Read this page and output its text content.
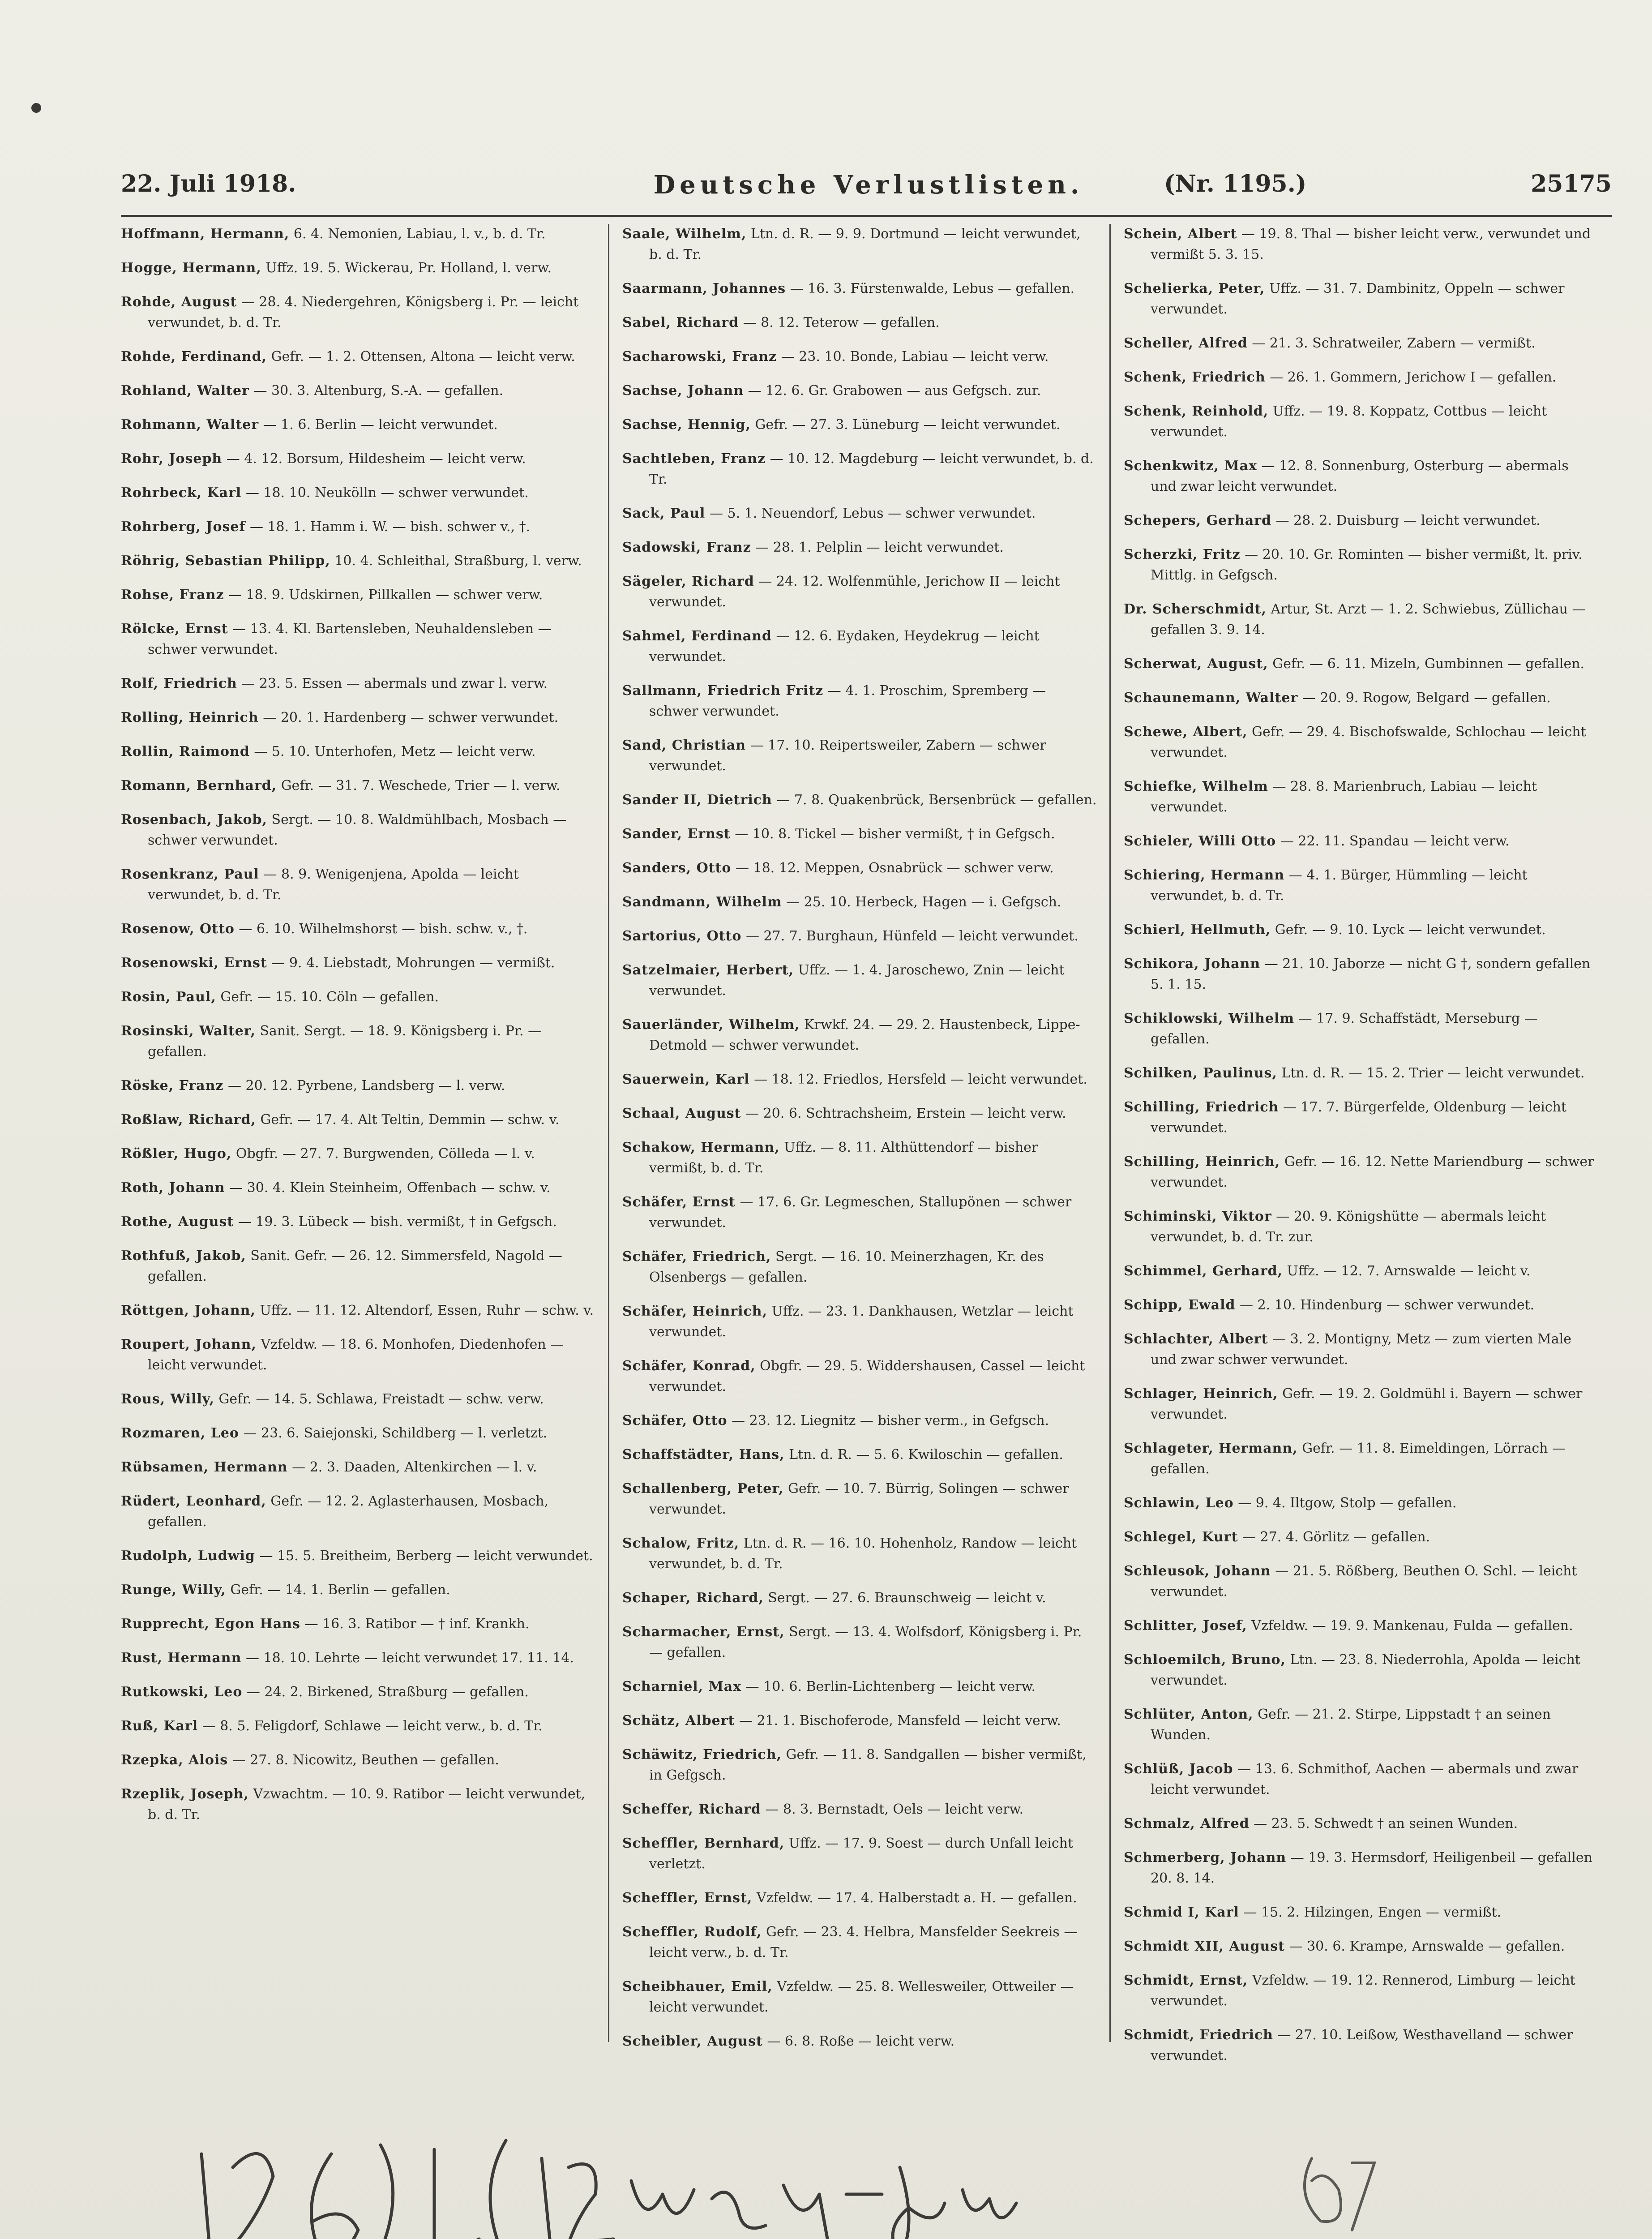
22. Juli 1918.	Deutsche Verlustlisten.	(Nr. 1195.)	25175

Hoffmann, Hermann, 6. 4. Nemonien, Labiau, l. v., b. d. Tr.

Hogge, Hermann, Uffz. 19. 5. Wickerau, Pr. Holland, l. verw.

Rohde, August — 28. 4. Niedergehren, Königsberg i. Pr. — leicht verwundet, b. d. Tr.

Rohde, Ferdinand, Gefr. — 1. 2. Ottensen, Altona — leicht verw.

Rohland, Walter — 30. 3. Altenburg, S.-A. — gefallen.

Rohmann, Walter — 1. 6. Berlin — leicht verwundet.

Rohr, Joseph — 4. 12. Borsum, Hildesheim — leicht verw.

Rohrbeck, Karl — 18. 10. Neukölln — schwer verwundet.

Rohrberg, Josef — 18. 1. Hamm i. W. — bish. schwer v., †.

Röhrig, Sebastian Philipp, 10. 4. Schleithal, Straßburg, l. verw.

Rohse, Franz — 18. 9. Udskirnen, Pillkallen — schwer verw.

Rölcke, Ernst — 13. 4. Kl. Bartensleben, Neuhaldensleben — schwer verwundet.

Rolf, Friedrich — 23. 5. Essen — abermals und zwar l. verw.

Rolling, Heinrich — 20. 1. Hardenberg — schwer verwundet.

Rollin, Raimond — 5. 10. Unterhofen, Metz — leicht verw.

Romann, Bernhard, Gefr. — 31. 7. Weschede, Trier — l. verw.

Rosenbach, Jakob, Sergt. — 10. 8. Waldmühlbach, Mosbach — schwer verwundet.

Rosenkranz, Paul — 8. 9. Wenigenjena, Apolda — leicht verwundet, b. d. Tr.

Rosenow, Otto — 6. 10. Wilhelmshorst — bish. schw. v., †.

Rosenowski, Ernst — 9. 4. Liebstadt, Mohrungen — vermißt.

Rosin, Paul, Gefr. — 15. 10. Cöln — gefallen.

Rosinski, Walter, Sanit. Sergt. — 18. 9. Königsberg i. Pr. — gefallen.

Röske, Franz — 20. 12. Pyrbene, Landsberg — l. verw.

Roßlaw, Richard, Gefr. — 17. 4. Alt Teltin, Demmin — schw. v.

Rößler, Hugo, Obgfr. — 27. 7. Burgwenden, Cölleda — l. v.

Roth, Johann — 30. 4. Klein Steinheim, Offenbach — schw. v.

Rothe, August — 19. 3. Lübeck — bish. vermißt, † in Gefgsch.

Rothfuß, Jakob, Sanit. Gefr. — 26. 12. Simmersfeld, Nagold — gefallen.

Röttgen, Johann, Uffz. — 11. 12. Altendorf, Essen, Ruhr — schw. v.

Roupert, Johann, Vzfeldw. — 18. 6. Monhofen, Diedenhofen — leicht verwundet.

Rous, Willy, Gefr. — 14. 5. Schlawa, Freistadt — schw. verw.

Rozmaren, Leo — 23. 6. Saiejonski, Schildberg — l. verletzt.

Rübsamen, Hermann — 2. 3. Daaden, Altenkirchen — l. v.

Rüdert, Leonhard, Gefr. — 12. 2. Aglasterhausen, Mosbach, gefallen.

Rudolph, Ludwig — 15. 5. Breitheim, Berberg — leicht verwundet.

Runge, Willy, Gefr. — 14. 1. Berlin — gefallen.

Rupprecht, Egon Hans — 16. 3. Ratibor — † inf. Krankh.

Rust, Hermann — 18. 10. Lehrte — leicht verwundet 17. 11. 14.

Rutkowski, Leo — 24. 2. Birkened, Straßburg — gefallen.

Ruß, Karl — 8. 5. Feligdorf, Schlawe — leicht verw., b. d. Tr.

Rzepka, Alois — 27. 8. Nicowitz, Beuthen — gefallen.

Rzeplik, Joseph, Vzwachtm. — 10. 9. Ratibor — leicht verwundet, b. d. Tr.

Saale, Wilhelm, Ltn. d. R. — 9. 9. Dortmund — leicht verwundet, b. d. Tr.

Saarmann, Johannes — 16. 3. Fürstenwalde, Lebus — gefallen.

Sabel, Richard — 8. 12. Teterow — gefallen.

Sacharowski, Franz — 23. 10. Bonde, Labiau — leicht verw.

Sachse, Johann — 12. 6. Gr. Grabowen — aus Gefgsch. zur.

Sachse, Hennig, Gefr. — 27. 3. Lüneburg — leicht verwundet.

Sachtleben, Franz — 10. 12. Magdeburg — leicht verwundet, b. d. Tr.

Sack, Paul — 5. 1. Neuendorf, Lebus — schwer verwundet.

Sadowski, Franz — 28. 1. Pelplin — leicht verwundet.

Sägeler, Richard — 24. 12. Wolfenmühle, Jerichow II — leicht verwundet.

Sahmel, Ferdinand — 12. 6. Eydaken, Heydekrug — leicht verwundet.

Sallmann, Friedrich Fritz — 4. 1. Proschim, Spremberg — schwer verwundet.

Sand, Christian — 17. 10. Reipertsweiler, Zabern — schwer verwundet.

Sander II, Dietrich — 7. 8. Quakenbrück, Bersenbrück — gefallen.

Sander, Ernst — 10. 8. Tickel — bisher vermißt, † in Gefgsch.

Sanders, Otto — 18. 12. Meppen, Osnabrück — schwer verw.

Sandmann, Wilhelm — 25. 10. Herbeck, Hagen — i. Gefgsch.

Sartorius, Otto — 27. 7. Burghaun, Hünfeld — leicht verwundet.

Satzelmaier, Herbert, Uffz. — 1. 4. Jaroschewo, Znin — leicht verwundet.

Sauerländer, Wilhelm, Krwkf. 24. — 29. 2. Haustenbeck, Lippe-Detmold — schwer verwundet.

Sauerwein, Karl — 18. 12. Friedlos, Hersfeld — leicht verwundet.

Schaal, August — 20. 6. Schtrachsheim, Erstein — leicht verw.

Schakow, Hermann, Uffz. — 8. 11. Althüttendorf — bisher vermißt, b. d. Tr.

Schäfer, Ernst — 17. 6. Gr. Legmeschen, Stallupönen — schwer verwundet.

Schäfer, Friedrich, Sergt. — 16. 10. Meinerzhagen, Kr. des Olsenbergs — gefallen.

Schäfer, Heinrich, Uffz. — 23. 1. Dankhausen, Wetzlar — leicht verwundet.

Schäfer, Konrad, Obgfr. — 29. 5. Widdershausen, Cassel — leicht verwundet.

Schäfer, Otto — 23. 12. Liegnitz — bisher verm., in Gefgsch.

Schaffstädter, Hans, Ltn. d. R. — 5. 6. Kwiloschin — gefallen.

Schallenberg, Peter, Gefr. — 10. 7. Bürrig, Solingen — schwer verwundet.

Schalow, Fritz, Ltn. d. R. — 16. 10. Hohenholz, Randow — leicht verwundet, b. d. Tr.

Schaper, Richard, Sergt. — 27. 6. Braunschweig — leicht v.

Scharmacher, Ernst, Sergt. — 13. 4. Wolfsdorf, Königsberg i. Pr. — gefallen.

Scharniel, Max — 10. 6. Berlin-Lichtenberg — leicht verw.

Schätz, Albert — 21. 1. Bischoferode, Mansfeld — leicht verw.

Schäwitz, Friedrich, Gefr. — 11. 8. Sandgallen — bisher vermißt, in Gefgsch.

Scheffer, Richard — 8. 3. Bernstadt, Oels — leicht verw.

Scheffler, Bernhard, Uffz. — 17. 9. Soest — durch Unfall leicht verletzt.

Scheffler, Ernst, Vzfeldw. — 17. 4. Halberstadt a. H. — gefallen.

Scheffler, Rudolf, Gefr. — 23. 4. Helbra, Mansfelder Seekreis — leicht verw., b. d. Tr.

Scheibhauer, Emil, Vzfeldw. — 25. 8. Wellesweiler, Ottweiler — leicht verwundet.

Scheibler, August — 6. 8. Roße — leicht verw.

Schein, Albert — 19. 8. Thal — bisher leicht verw., verwundet und vermißt 5. 3. 15.

Schelierka, Peter, Uffz. — 31. 7. Dambinitz, Oppeln — schwer verwundet.

Scheller, Alfred — 21. 3. Schratweiler, Zabern — vermißt.

Schenk, Friedrich — 26. 1. Gommern, Jerichow I — gefallen.

Schenk, Reinhold, Uffz. — 19. 8. Koppatz, Cottbus — leicht verwundet.

Schenkwitz, Max — 12. 8. Sonnenburg, Osterburg — abermals und zwar leicht verwundet.

Schepers, Gerhard — 28. 2. Duisburg — leicht verwundet.

Scherzki, Fritz — 20. 10. Gr. Rominten — bisher vermißt, lt. priv. Mittlg. in Gefgsch.

Dr. Scherschmidt, Artur, St. Arzt — 1. 2. Schwiebus, Züllichau — gefallen 3. 9. 14.

Scherwat, August, Gefr. — 6. 11. Mizeln, Gumbinnen — gefallen.

Schaunemann, Walter — 20. 9. Rogow, Belgard — gefallen.

Schewe, Albert, Gefr. — 29. 4. Bischofswalde, Schlochau — leicht verwundet.

Schiefke, Wilhelm — 28. 8. Marienbruch, Labiau — leicht verwundet.

Schieler, Willi Otto — 22. 11. Spandau — leicht verw.

Schiering, Hermann — 4. 1. Bürger, Hümmling — leicht verwundet, b. d. Tr.

Schierl, Hellmuth, Gefr. — 9. 10. Lyck — leicht verwundet.

Schikora, Johann — 21. 10. Jaborze — nicht G †, sondern gefallen 5. 1. 15.

Schiklowski, Wilhelm — 17. 9. Schaffstädt, Merseburg — gefallen.

Schilken, Paulinus, Ltn. d. R. — 15. 2. Trier — leicht verwundet.

Schilling, Friedrich — 17. 7. Bürgerfelde, Oldenburg — leicht verwundet.

Schilling, Heinrich, Gefr. — 16. 12. Nette Mariendburg — schwer verwundet.

Schiminski, Viktor — 20. 9. Königshütte — abermals leicht verwundet, b. d. Tr. zur.

Schimmel, Gerhard, Uffz. — 12. 7. Arnswalde — leicht v.

Schipp, Ewald — 2. 10. Hindenburg — schwer verwundet.

Schlachter, Albert — 3. 2. Montigny, Metz — zum vierten Male und zwar schwer verwundet.

Schlager, Heinrich, Gefr. — 19. 2. Goldmühl i. Bayern — schwer verwundet.

Schlageter, Hermann, Gefr. — 11. 8. Eimeldingen, Lörrach — gefallen.

Schlawin, Leo — 9. 4. Iltgow, Stolp — gefallen.

Schlegel, Kurt — 27. 4. Görlitz — gefallen.

Schleusok, Johann — 21. 5. Rößberg, Beuthen O. Schl. — leicht verwundet.

Schlitter, Josef, Vzfeldw. — 19. 9. Mankenau, Fulda — gefallen.

Schloemilch, Bruno, Ltn. — 23. 8. Niederrohla, Apolda — leicht verwundet.

Schlüter, Anton, Gefr. — 21. 2. Stirpe, Lippstadt † an seinen Wunden.

Schlüß, Jacob — 13. 6. Schmithof, Aachen — abermals und zwar leicht verwundet.

Schmalz, Alfred — 23. 5. Schwedt † an seinen Wunden.

Schmerberg, Johann — 19. 3. Hermsdorf, Heiligenbeil — gefallen 20. 8. 14.

Schmid I, Karl — 15. 2. Hilzingen, Engen — vermißt.

Schmidt XII, August — 30. 6. Krampe, Arnswalde — gefallen.

Schmidt, Ernst, Vzfeldw. — 19. 12. Rennerod, Limburg — leicht verwundet.

Schmidt, Friedrich — 27. 10. Leißow, Westhavelland — schwer verwundet.
